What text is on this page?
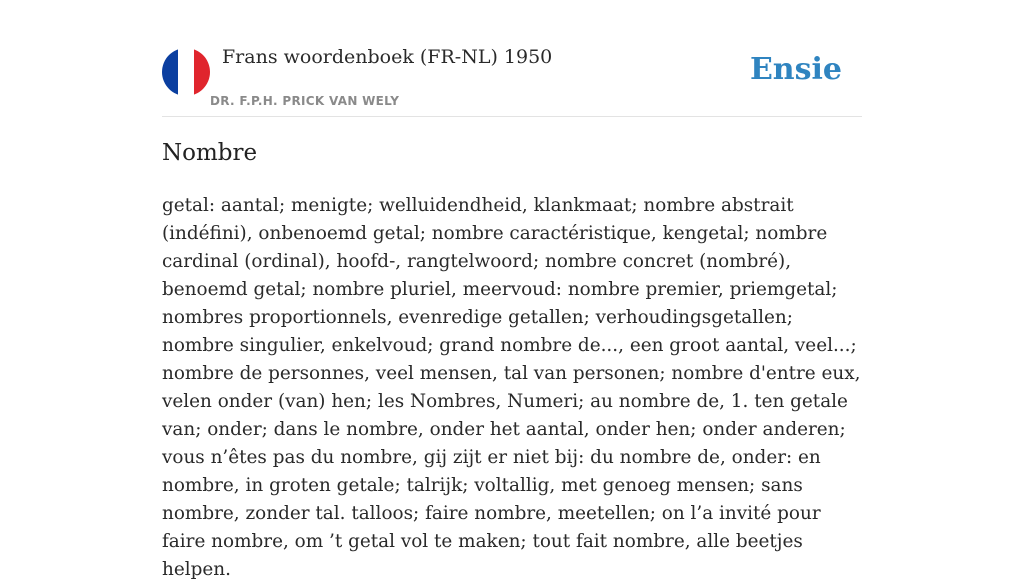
Frans woordenboek (FR-NL) 1950
DR. F.P.H. PRICK VAN WELY
Ensie
Nombre

getal: aantal; menigte; welluidendheid, klankmaat; nombre abstrait (indéfini), onbenoemd getal; nombre caractéristique, kengetal; nombre cardinal (ordinal), hoofd-, rangtelwoord; nombre concret (nombré), benoemd getal; nombre pluriel, meervoud: nombre premier, priemgetal; nombres proportionnels, evenredige getallen; verhoudingsgetallen; nombre singulier, enkelvoud; grand nombre de..., een groot aantal, veel...; nombre de personnes, veel mensen, tal van personen; nombre d'entre eux, velen onder (van) hen; les Nombres, Numeri; au nombre de, 1. ten getale van; onder; dans le nombre, onder het aantal, onder hen; onder anderen; vous n’êtes pas du nombre, gij zijt er niet bij: du nombre de, onder: en nombre, in groten getale; talrijk; voltallig, met genoeg mensen; sans nombre, zonder tal. talloos; faire nombre, meetellen; on l’a invité pour faire nombre, om ’t getal vol te maken; tout fait nombre, alle beetjes helpen.
